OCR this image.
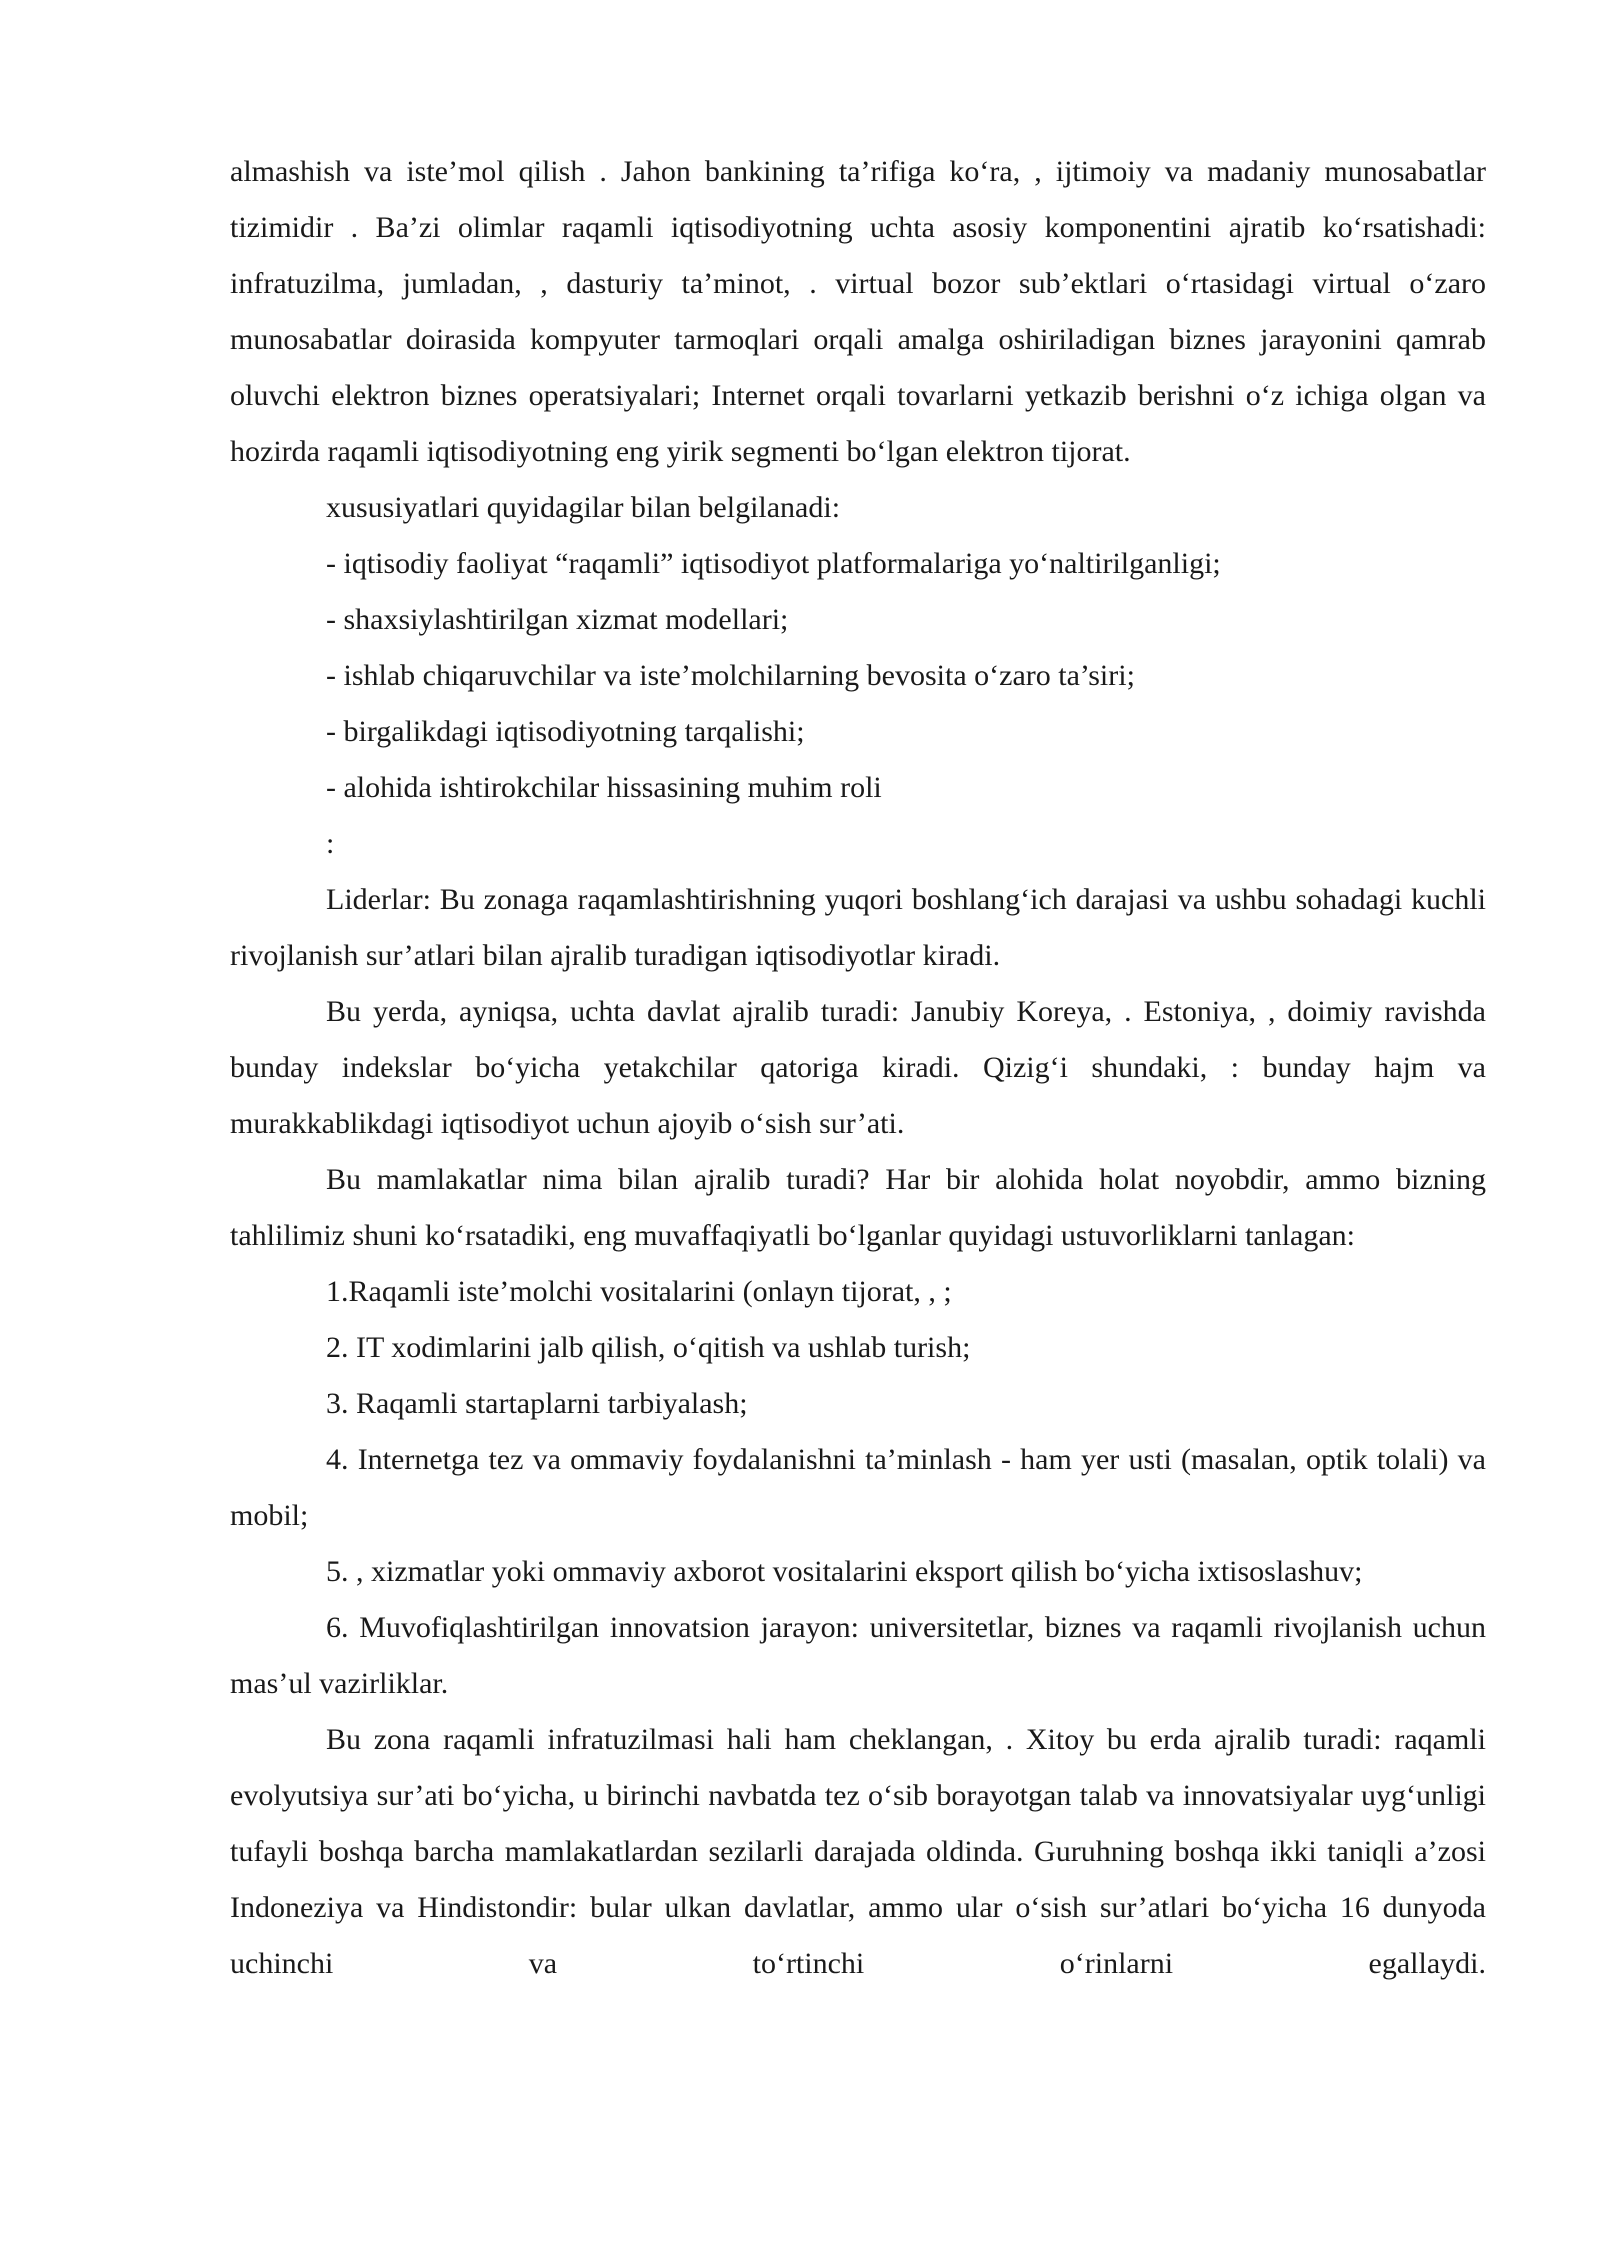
almashish va iste’mol qilish . Jahon bankining ta’rifiga ko‘ra, , ijtimoiy va madaniy munosabatlar tizimidir . Ba’zi olimlar raqamli iqtisodiyotning uchta asosiy komponentini ajratib ko‘rsatishadi: infratuzilma, jumladan, , dasturiy ta’minot, . virtual bozor sub’ektlari o‘rtasidagi virtual o‘zaro munosabatlar doirasida kompyuter tarmoqlari orqali amalga oshiriladigan biznes jarayonini qamrab oluvchi elektron biznes operatsiyalari; Internet orqali tovarlarni yetkazib berishni o‘z ichiga olgan va hozirda raqamli iqtisodiyotning eng yirik segmenti bo‘lgan elektron tijorat.

xususiyatlari quyidagilar bilan belgilanadi:

- iqtisodiy faoliyat “raqamli” iqtisodiyot platformalariga yo‘naltirilganligi;

- shaxsiylashtirilgan xizmat modellari;

- ishlab chiqaruvchilar va iste’molchilarning bevosita o‘zaro ta’siri;

- birgalikdagi iqtisodiyotning tarqalishi;

- alohida ishtirokchilar hissasining muhim roli

:

Liderlar: Bu zonaga raqamlashtirishning yuqori boshlang‘ich darajasi va ushbu sohadagi kuchli rivojlanish sur’atlari bilan ajralib turadigan iqtisodiyotlar kiradi.

Bu yerda, ayniqsa, uchta davlat ajralib turadi: Janubiy Koreya, . Estoniya, , doimiy ravishda bunday indekslar bo‘yicha yetakchilar qatoriga kiradi. Qizig‘i shundaki, : bunday hajm va murakkablikdagi iqtisodiyot uchun ajoyib o‘sish sur’ati.

Bu mamlakatlar nima bilan ajralib turadi? Har bir alohida holat noyobdir, ammo bizning tahlilimiz shuni ko‘rsatadiki, eng muvaffaqiyatli bo‘lganlar quyidagi ustuvorliklarni tanlagan:

1.Raqamli iste’molchi vositalarini (onlayn tijorat, , ;

2. IT xodimlarini jalb qilish, o‘qitish va ushlab turish;

3. Raqamli startaplarni tarbiyalash;

4. Internetga tez va ommaviy foydalanishni ta’minlash - ham yer usti (masalan, optik tolali) va mobil;

5. , xizmatlar yoki ommaviy axborot vositalarini eksport qilish bo‘yicha ixtisoslashuv;

6. Muvofiqlashtirilgan innovatsion jarayon: universitetlar, biznes va raqamli rivojlanish uchun mas’ul vazirliklar.

Bu zona raqamli infratuzilmasi hali ham cheklangan, . Xitoy bu erda ajralib turadi: raqamli evolyutsiya sur’ati bo‘yicha, u birinchi navbatda tez o‘sib borayotgan talab va innovatsiyalar uyg‘unligi tufayli boshqa barcha mamlakatlardan sezilarli darajada oldinda. Guruhning boshqa ikki taniqli a’zosi Indoneziya va Hindistondir: bular ulkan davlatlar, ammo ular o‘sish sur’atlari bo‘yicha 16 dunyoda uchinchi va to‘rtinchi o‘rinlarni egallaydi.
